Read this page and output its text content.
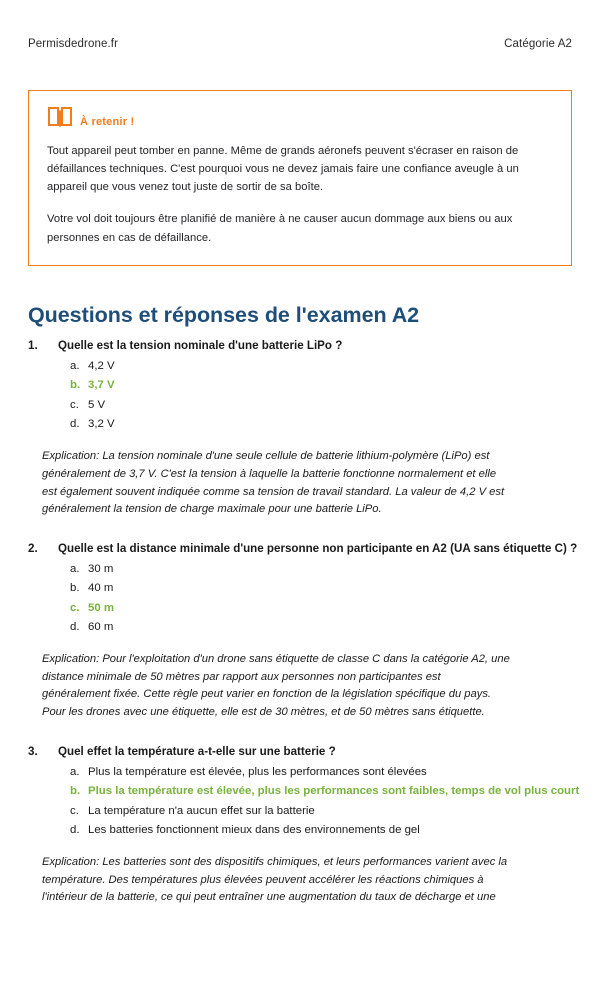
Permisdedrone.fr	Catégorie A2
À retenir !

Tout appareil peut tomber en panne. Même de grands aéronefs peuvent s'écraser en raison de défaillances techniques. C'est pourquoi vous ne devez jamais faire une confiance aveugle à un appareil que vous venez tout juste de sortir de sa boîte.

Votre vol doit toujours être planifié de manière à ne causer aucun dommage aux biens ou aux personnes en cas de défaillance.

Questions et réponses de l'examen A2
1.	Quelle est la tension nominale d'une batterie LiPo ?
a. 4,2 V
b. 3,7 V
c. 5 V
d. 3,2 V
Explication: La tension nominale d'une seule cellule de batterie lithium-polymère (LiPo) est
généralement de 3,7 V. C'est la tension à laquelle la batterie fonctionne normalement et elle
est également souvent indiquée comme sa tension de travail standard. La valeur de 4,2 V est
généralement la tension de charge maximale pour une batterie LiPo.
2.	Quelle est la distance minimale d'une personne non participante en A2 (UA sans étiquette C) ?
a. 30 m
b. 40 m
c. 50 m
d. 60 m
Explication: Pour l'exploitation d'un drone sans étiquette de classe C dans la catégorie A2, une
distance minimale de 50 mètres par rapport aux personnes non participantes est
généralement fixée. Cette règle peut varier en fonction de la législation spécifique du pays.
Pour les drones avec une étiquette, elle est de 30 mètres, et de 50 mètres sans étiquette.
3.	Quel effet la température a-t-elle sur une batterie ?
a. Plus la température est élevée, plus les performances sont élevées
b. Plus la température est élevée, plus les performances sont faibles, temps de vol plus court
c. La température n'a aucun effet sur la batterie
d. Les batteries fonctionnent mieux dans des environnements de gel
Explication: Les batteries sont des dispositifs chimiques, et leurs performances varient avec la
température. Des températures plus élevées peuvent accélérer les réactions chimiques à
l'intérieur de la batterie, ce qui peut entraîner une augmentation du taux de décharge et une
